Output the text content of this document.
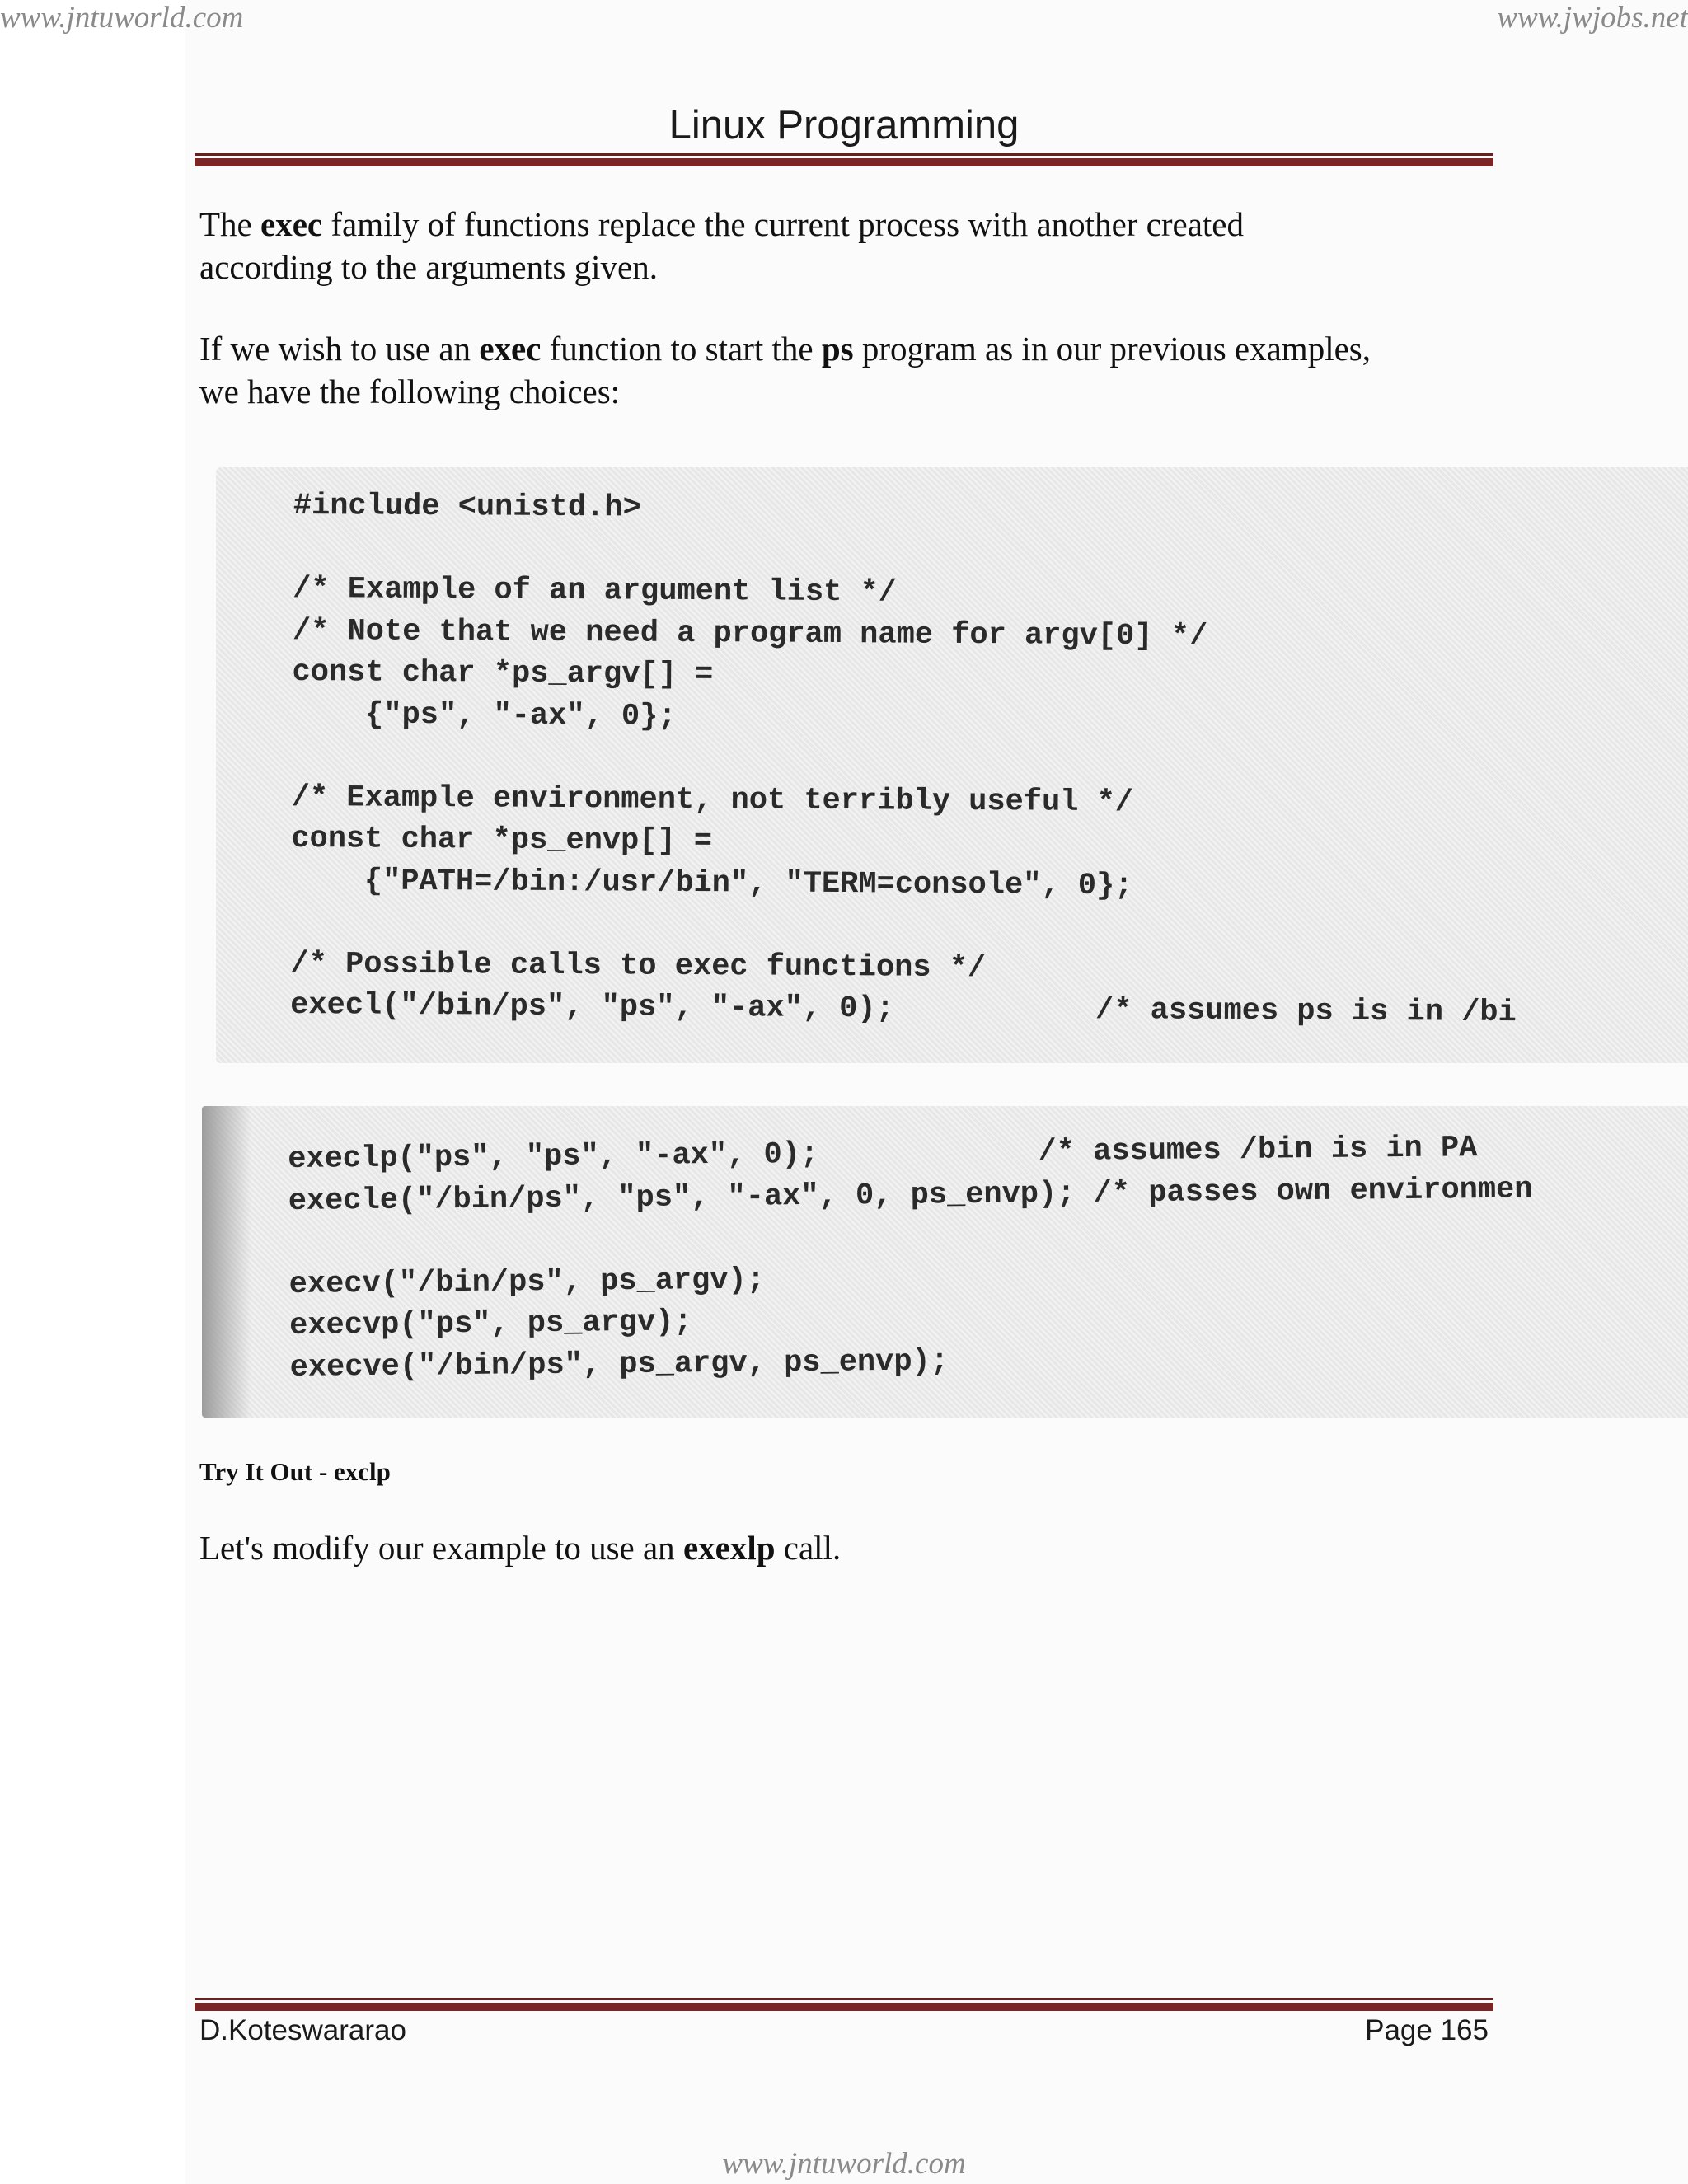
www.jntuworld.com	www.jwjobs.net
Linux Programming

The exec family of functions replace the current process with another created
according to the arguments given.

If we wish to use an exec function to start the ps program as in our previous examples,
we have the following choices:

#include <unistd.h>

/* Example of an argument list */
/* Note that we need a program name for argv[0] */
const char *ps_argv[] =
{"ps", "-ax", 0};

/* Example environment, not terribly useful */
const char *ps_envp[] =
{"PATH=/bin:/usr/bin", "TERM=console", 0};

/* Possible calls to exec functions */
execl("/bin/ps", "ps", "-ax", 0);           /* assumes ps is in /bi
execlp("ps", "ps", "-ax", 0);            /* assumes /bin is in PA
execle("/bin/ps", "ps", "-ax", 0, ps_envp); /* passes own environmen

execv("/bin/ps", ps_argv);
execvp("ps", ps_argv);
execve("/bin/ps", ps_argv, ps_envp);
Try It Out - exclp

Let's modify our example to use an exexlp call.

D.Koteswararao	Page 165
www.jntuworld.com
